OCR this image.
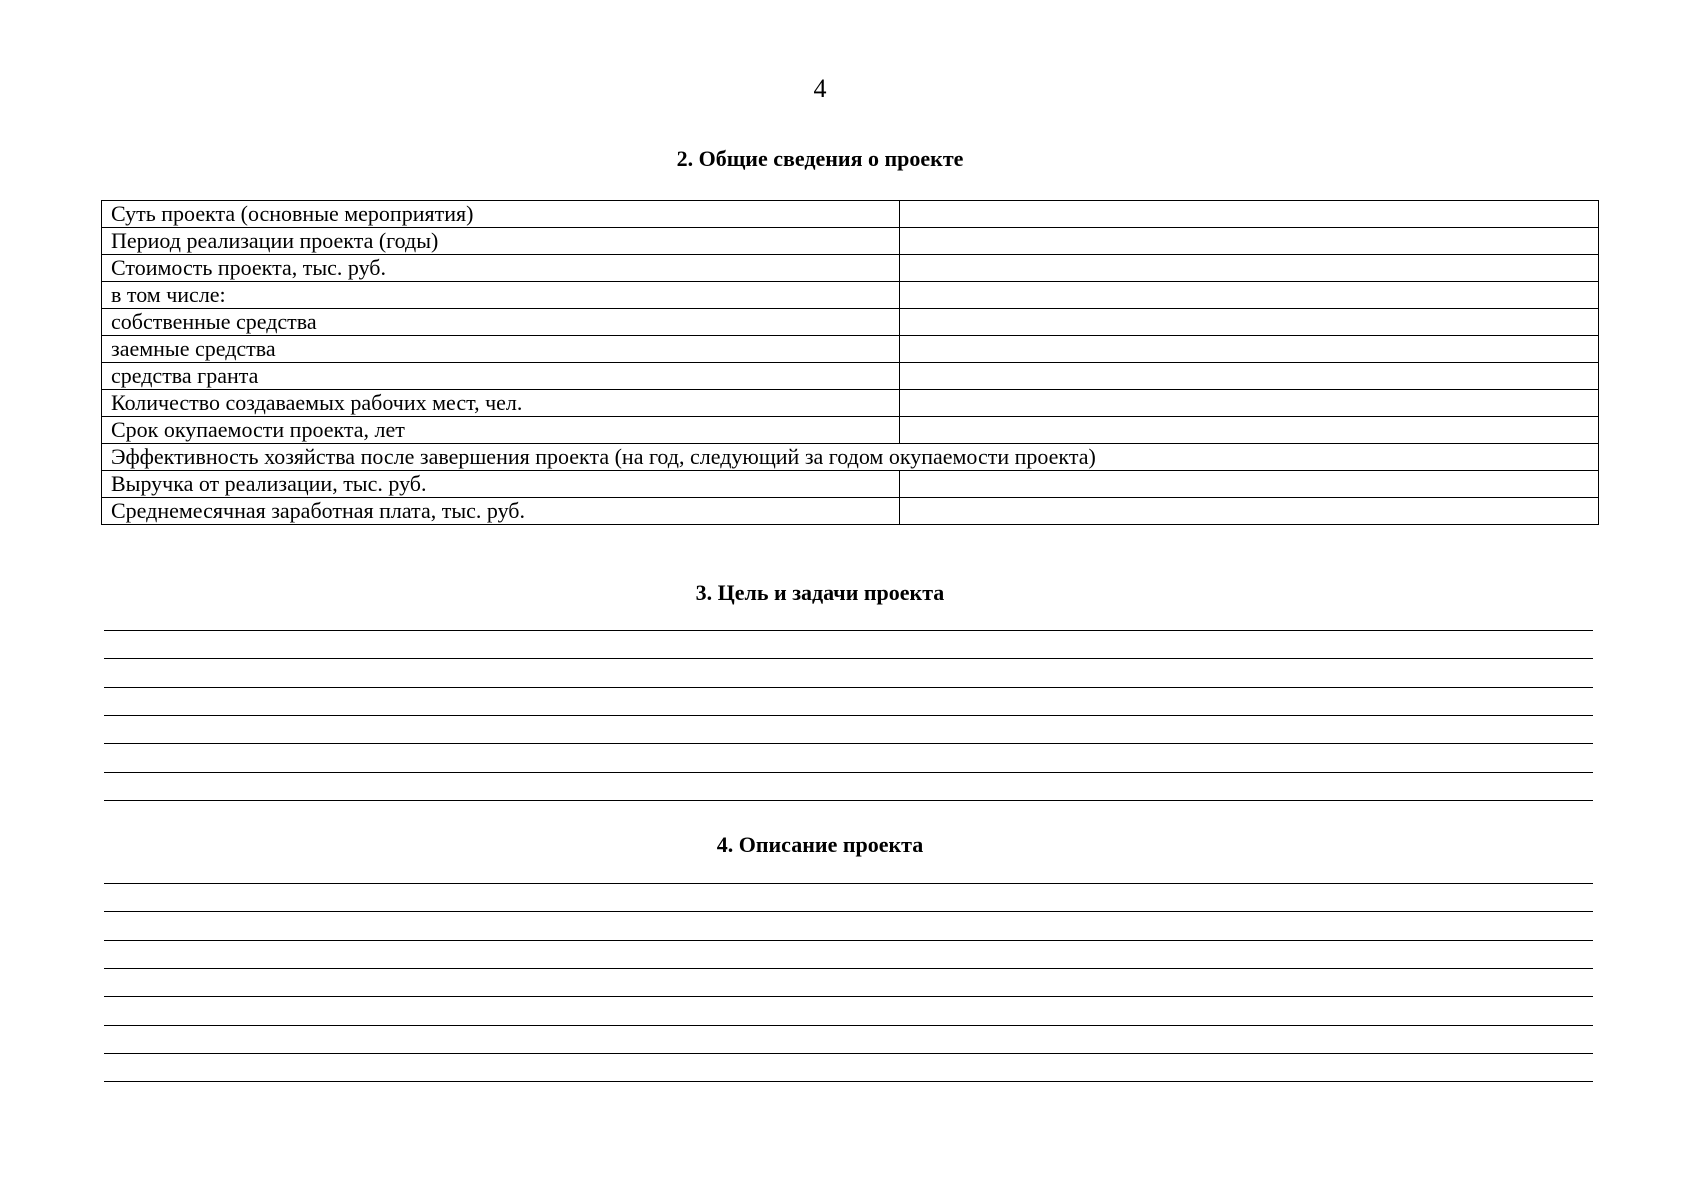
4
2. Общие сведения о проекте
Суть проекта (основные мероприятия)	
Период реализации проекта (годы)	
Стоимость проекта, тыс. руб.	
в том числе:	
собственные средства	
заемные средства	
средства гранта	
Количество создаваемых рабочих мест, чел.	
Срок окупаемости проекта, лет	
Эффективность хозяйства после завершения проекта (на год, следующий за годом окупаемости проекта)	
Выручка от реализации, тыс. руб.	
Среднемесячная заработная плата, тыс. руб.	
3. Цель и задачи проекта
4. Описание проекта
